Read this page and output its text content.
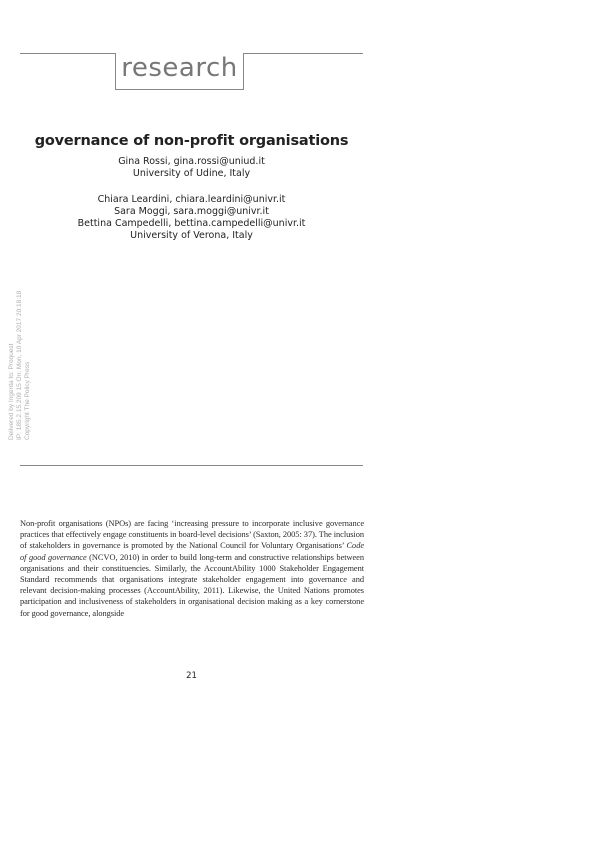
research
governance of non-profit organisations
Gina Rossi, gina.rossi@uniud.it
University of Udine, Italy
Chiara Leardini, chiara.leardini@univr.it
Sara Moggi, sara.moggi@univr.it
Bettina Campedelli, bettina.campedelli@univr.it
University of Verona, Italy
Delivered by Ingenta to: Proquest IP: 185.2.15.209 15 On: Mon, 10 Apr 2017 20:18:18 Copyright The Policy Press
Non-profit organisations (NPOs) are facing ‘increasing pressure to incorporate inclusive governance practices that effectively engage constituents in board-level decisions’ (Saxton, 2005: 37). The inclusion of stakeholders in governance is promoted by the National Council for Voluntary Organisations’ Code of good governance (NCVO, 2010) in order to build long-term and constructive relationships between organisations and their constituencies. Similarly, the AccountAbility 1000 Stakeholder Engagement Standard recommends that organisations integrate stakeholder engagement into governance and relevant decision-making processes (AccountAbility, 2011). Likewise, the United Nations promotes participation and inclusiveness of stakeholders in organisational decision making as a key cornerstone for good governance, alongside
21
